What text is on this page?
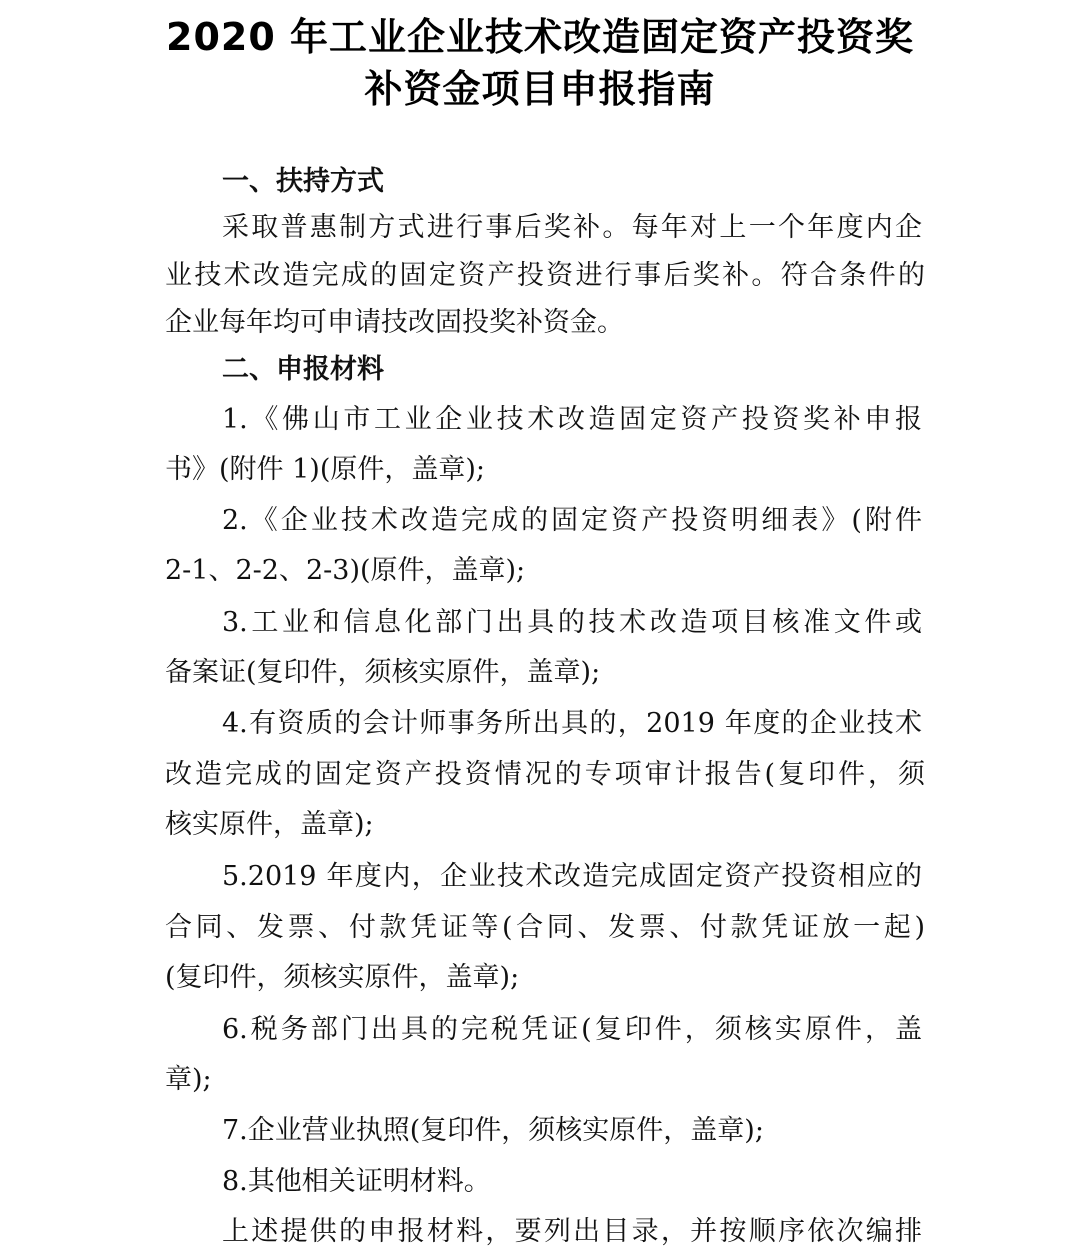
2020 年工业企业技术改造固定资产投资奖
补资金项目申报指南

一、扶持方式

采取普惠制方式进行事后奖补。每年对上一个年度内企

业技术改造完成的固定资产投资进行事后奖补。符合条件的

企业每年均可申请技改固投奖补资金。

二、申报材料

1.《佛山市工业企业技术改造固定资产投资奖补申报

书》(附件 1)(原件，盖章);

2.《企业技术改造完成的固定资产投资明细表》(附件

2-1、2-2、2-3)(原件，盖章);

3.工业和信息化部门出具的技术改造项目核准文件或

备案证(复印件，须核实原件，盖章);

4.有资质的会计师事务所出具的，2019 年度的企业技术

改造完成的固定资产投资情况的专项审计报告(复印件，须

核实原件，盖章);

5.2019 年度内，企业技术改造完成固定资产投资相应的

合同、发票、付款凭证等(合同、发票、付款凭证放一起)

(复印件，须核实原件，盖章);

6.税务部门出具的完税凭证(复印件，须核实原件，盖

章);

7.企业营业执照(复印件，须核实原件，盖章);

8.其他相关证明材料。

上述提供的申报材料，要列出目录，并按顺序依次编排
